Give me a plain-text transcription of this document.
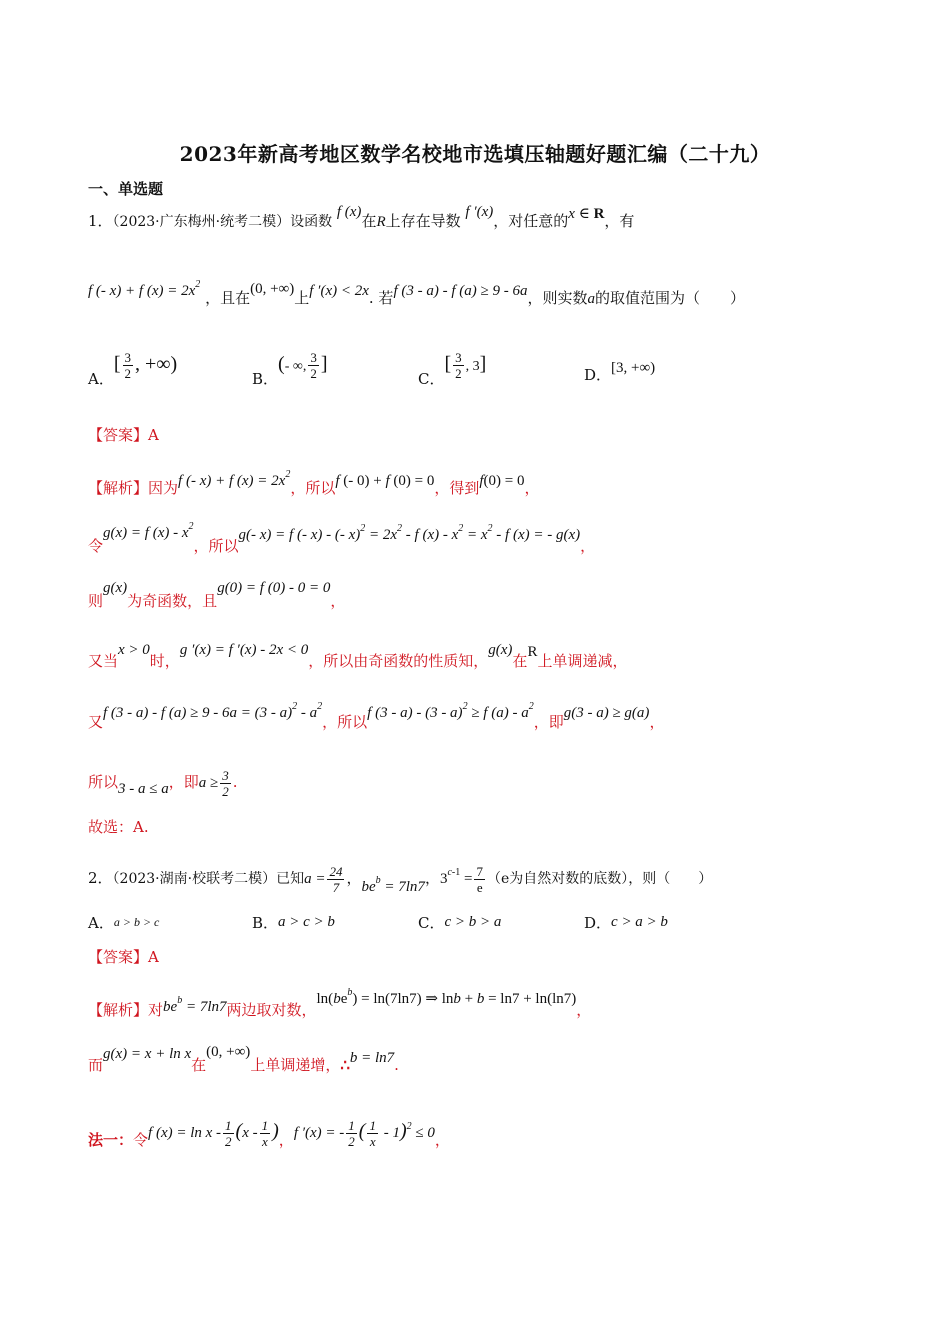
2023年新高考地区数学名校地市选填压轴题好题汇编（二十九）
一、单选题
1．（2023·广东梅州·统考二模）设函数 f (x)在R上存在导数 f ′(x)，对任意的x ∈ R，有
f (- x) + f $(x) = 2x^2$ ，且在(0, +∞)上f ′(x) < 2x. 若f (3 - a) - f (a) ≥ 9 - 6a，则实数a的取值范围为（　　）
A．[ $\frac{3}{2}$ , +∞)
B．(- ∞, $\frac{3}{2}$ ]
C．[ $\frac{3}{2}$ , 3]	D．[3, +∞)
【答案】A
【解析】因为f (- x) + f $(x) = 2x^2$，所以f (- 0) + f (0) = 0，得到f(0) = 0，
令g(x) = f $(x) - x^2$，所以g(- x) = f (- x) - (- $x)^2 = 2x^2 - f$ $(x) - x^2 = x^2 - f$ (x) = - g(x)，
则g(x)为奇函数，且g(0) = f (0) - 0 = 0，
又当x > 0时，g ′(x) = f ′(x) - 2x < 0，所以由奇函数的性质知，g(x)在R上单调递减，
又f (3 - a) - f $(a) \ge 9 - 6a = (3 - a)^2 - a^2$，所以f (3 - a) - (3 - a)$^2$ ≥ f $(a) - a^2$，即g(3 - a) ≥ g(a)，
所以3 - a ≤ a，即$a \ge \frac{3}{2}$ .
故选：A.
2．（2023·湖南·校联考二模）已知$a = \frac{24}{7}$ ，$be^b = 7\ln 7$，$3^{c-1} = \frac{7}{e} (e$为自然对数的底数），则（　　）
A．a > b > c	B．a > c > b	C．c > b > a	D．c > a > b
【答案】A
【解析】对$be^b = 7\ln 7$两边取对数，$\ln(be^b) = \ln(7\ln 7)$ ⇒ lnb + b = ln7 + ln(ln7)，
而g(x) = x + ln x在(0, +∞)上单调递增，∴b = ln7.
法一：令f $(x) = \ln x - \frac{1}{2} (x - \frac{1}{x}$ )，f ′(x) = - $\frac{1}{2}$ ( $\frac{1}{x} - 1)^2 \le 0$，
